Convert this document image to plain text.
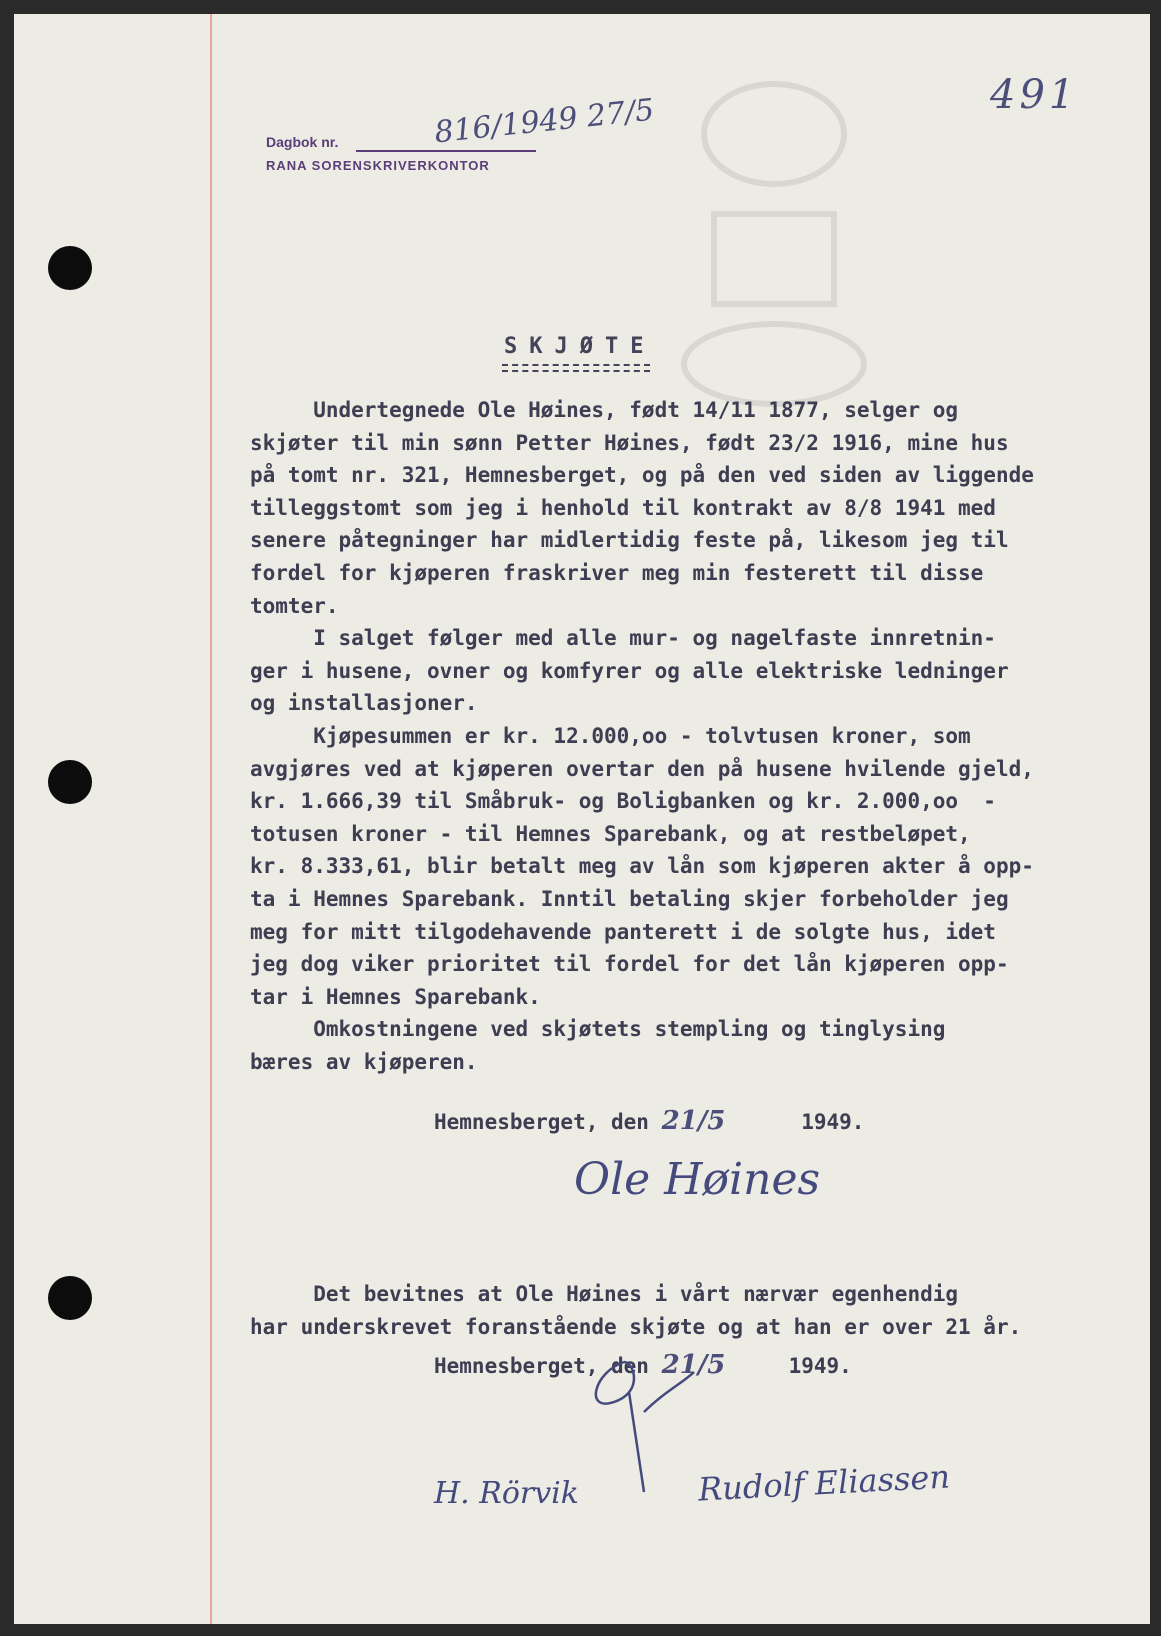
491
Dagbok nr.
RANA SORENSKRIVERKONTOR
816/1949 27/5
SKJØTE

Undertegnede Ole Høines, født 14/11 1877, selger og
skjøter til min sønn Petter Høines, født 23/2 1916, mine hus
på tomt nr. 321, Hemnesberget, og på den ved siden av liggende
tilleggstomt som jeg i henhold til kontrakt av 8/8 1941 med
senere påtegninger har midlertidig feste på, likesom jeg til
fordel for kjøperen fraskriver meg min festerett til disse
tomter.

I salget følger med alle mur- og nagelfaste innretnin-
ger i husene, ovner og komfyrer og alle elektriske ledninger
og installasjoner.

Kjøpesummen er kr. 12.000,oo - tolvtusen kroner, som
avgjøres ved at kjøperen overtar den på husene hvilende gjeld,
kr. 1.666,39 til Småbruk- og Boligbanken og kr. 2.000,oo  -
totusen kroner - til Hemnes Sparebank, og at restbeløpet,
kr. 8.333,61, blir betalt meg av lån som kjøperen akter å opp-
ta i Hemnes Sparebank. Inntil betaling skjer forbeholder jeg
meg for mitt tilgodehavende panterett i de solgte hus, idet
jeg dog viker prioritet til fordel for det lån kjøperen opp-
tar i Hemnes Sparebank.

Omkostningene ved skjøtets stempling og tinglysing
bæres av kjøperen.

Hemnesberget, den 21/5      1949.
Ole Høines
Det bevitnes at Ole Høines i vårt nærvær egenhendig
har underskrevet foranstående skjøte og at han er over 21 år.
Hemnesberget, den 21/5     1949.
H. Rörvik	Rudolf Eliassen
